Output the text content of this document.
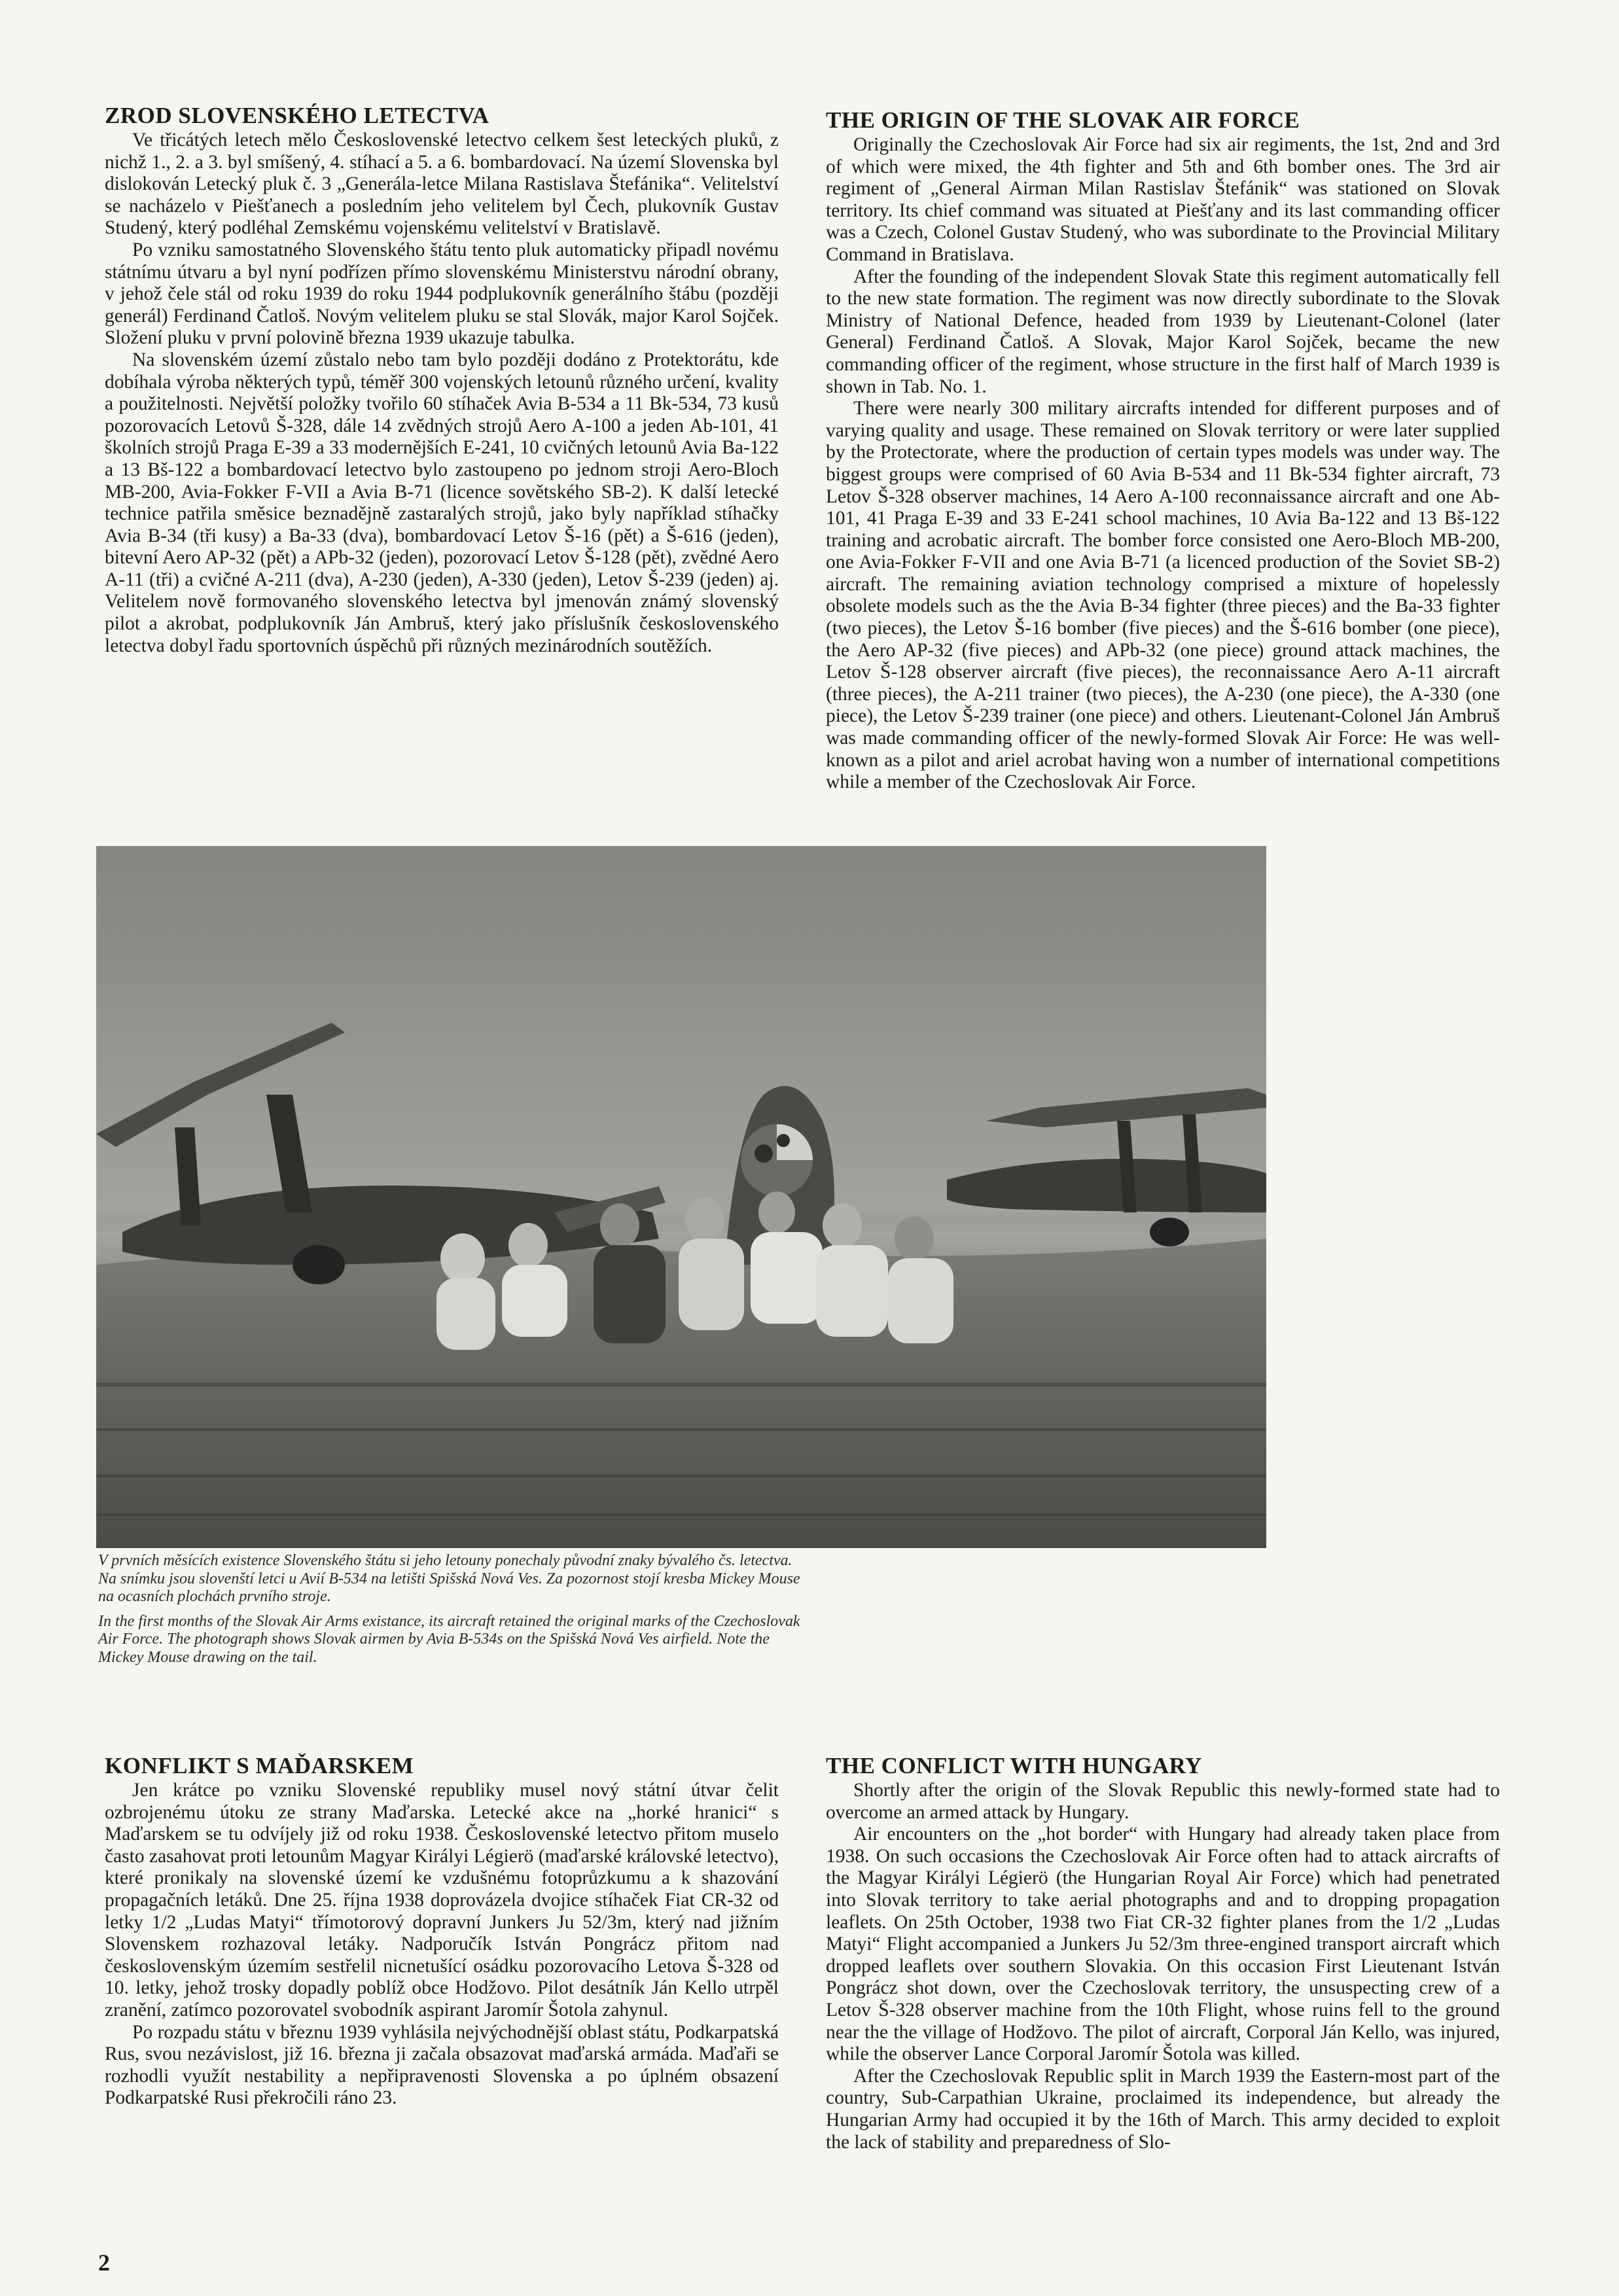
ZROD SLOVENSKÉHO LETECTVA

Ve třicátých letech mělo Československé letectvo celkem šest leteckých pluků, z nichž 1., 2. a 3. byl smíšený, 4. stíhací a 5. a 6. bombardovací. Na území Slovenska byl dislokován Letecký pluk č. 3 „Generála-letce Milana Rastislava Štefánika“. Velitelství se nacházelo v Piešťanech a posledním jeho velitelem byl Čech, plukovník Gustav Studený, který podléhal Zemskému vojenskému velitelství v Bratislavě.

Po vzniku samostatného Slovenského štátu tento pluk automaticky připadl novému státnímu útvaru a byl nyní podřízen přímo slovenskému Ministerstvu národní obrany, v jehož čele stál od roku 1939 do roku 1944 podplukovník generálního štábu (později generál) Ferdinand Čatloš. Novým velitelem pluku se stal Slovák, major Karol Sojček. Složení pluku v první polovině března 1939 ukazuje tabulka.

Na slovenském území zůstalo nebo tam bylo později dodáno z Protektorátu, kde dobíhala výroba některých typů, téměř 300 vojenských letounů různého určení, kvality a použitelnosti. Největší položky tvořilo 60 stíhaček Avia B-534 a 11 Bk-534, 73 kusů pozorovacích Letovů Š-328, dále 14 zvědných strojů Aero A-100 a jeden Ab-101, 41 školních strojů Praga E-39 a 33 modernějších E-241, 10 cvičných letounů Avia Ba-122 a 13 Bš-122 a bombardovací letectvo bylo zastoupeno po jednom stroji Aero-Bloch MB-200, Avia-Fokker F-VII a Avia B-71 (licence sovětského SB-2). K další letecké technice patřila směsice beznadějně zastaralých strojů, jako byly například stíhačky Avia B-34 (tři kusy) a Ba-33 (dva), bombardovací Letov Š-16 (pět) a Š-616 (jeden), bitevní Aero AP-32 (pět) a APb-32 (jeden), pozorovací Letov Š-128 (pět), zvědné Aero A-11 (tři) a cvičné A-211 (dva), A-230 (jeden), A-330 (jeden), Letov Š-239 (jeden) aj. Velitelem nově formovaného slovenského letectva byl jmenován známý slovenský pilot a akrobat, podplukovník Ján Ambruš, který jako příslušník československého letectva dobyl řadu sportovních úspěchů při různých mezinárodních soutěžích.

THE ORIGIN OF THE SLOVAK AIR FORCE

Originally the Czechoslovak Air Force had six air regiments, the 1st, 2nd and 3rd of which were mixed, the 4th fighter and 5th and 6th bomber ones. The 3rd air regiment of „General Airman Milan Rastislav Štefánik“ was stationed on Slovak territory. Its chief command was situated at Piešťany and its last commanding officer was a Czech, Colonel Gustav Studený, who was subordinate to the Provincial Military Command in Bratislava.

After the founding of the independent Slovak State this regiment automatically fell to the new state formation. The regiment was now directly subordinate to the Slovak Ministry of National Defence, headed from 1939 by Lieutenant-Colonel (later General) Ferdinand Čatloš. A Slovak, Major Karol Sojček, became the new commanding officer of the regiment, whose structure in the first half of March 1939 is shown in Tab. No. 1.

There were nearly 300 military aircrafts intended for different purposes and of varying quality and usage. These remained on Slovak territory or were later supplied by the Protectorate, where the production of certain types models was under way. The biggest groups were comprised of 60 Avia B-534 and 11 Bk-534 fighter aircraft, 73 Letov Š-328 observer machines, 14 Aero A-100 reconnaissance aircraft and one Ab-101, 41 Praga E-39 and 33 E-241 school machines, 10 Avia Ba-122 and 13 Bš-122 training and acrobatic aircraft. The bomber force consisted one Aero-Bloch MB-200, one Avia-Fokker F-VII and one Avia B-71 (a licenced production of the Soviet SB-2) aircraft. The remaining aviation technology comprised a mixture of hopelessly obsolete models such as the the Avia B-34 fighter (three pieces) and the Ba-33 fighter (two pieces), the Letov Š-16 bomber (five pieces) and the Š-616 bomber (one piece), the Aero AP-32 (five pieces) and APb-32 (one piece) ground attack machines, the Letov Š-128 observer aircraft (five pieces), the reconnaissance Aero A-11 aircraft (three pieces), the A-211 trainer (two pieces), the A-230 (one piece), the A-330 (one piece), the Letov Š-239 trainer (one piece) and others. Lieutenant-Colonel Ján Ambruš was made commanding officer of the newly-formed Slovak Air Force: He was well-known as a pilot and ariel acrobat having won a number of international competitions while a member of the Czechoslovak Air Force.

V prvních měsících existence Slovenského štátu si jeho letouny ponechaly původní znaky bývalého čs. letectva. Na snímku jsou slovenští letci u Avií B-534 na letišti Spišská Nová Ves. Za pozornost stojí kresba Mickey Mouse na ocasních plochách prvního stroje.

In the first months of the Slovak Air Arms existance, its aircraft retained the original marks of the Czechoslovak Air Force. The photograph shows Slovak airmen by Avia B-534s on the Spišská Nová Ves airfield. Note the Mickey Mouse drawing on the tail.

KONFLIKT S MAĎARSKEM

Jen krátce po vzniku Slovenské republiky musel nový státní útvar čelit ozbrojenému útoku ze strany Maďarska. Letecké akce na „horké hranici“ s Maďarskem se tu odvíjely již od roku 1938. Československé letectvo přitom muselo často zasahovat proti letounům Magyar Királyi Légierö (maďarské královské letectvo), které pronikaly na slovenské území ke vzdušnému fotoprůzkumu a k shazování propagačních letáků. Dne 25. října 1938 doprovázela dvojice stíhaček Fiat CR-32 od letky 1/2 „Ludas Matyi“ třímotorový dopravní Junkers Ju 52/3m, který nad jižním Slovenskem rozhazoval letáky. Nadporučík István Pongrácz přitom nad československým územím sestřelil nicnetušící osádku pozorovacího Letova Š-328 od 10. letky, jehož trosky dopadly poblíž obce Hodžovo. Pilot desátník Ján Kello utrpěl zranění, zatímco pozorovatel svobodník aspirant Jaromír Šotola zahynul.

Po rozpadu státu v březnu 1939 vyhlásila nejvýchodnější oblast státu, Podkarpatská Rus, svou nezávislost, již 16. března ji začala obsazovat maďarská armáda. Maďaři se rozhodli využít nestability a nepřipravenosti Slovenska a po úplném obsazení Podkarpatské Rusi překročili ráno 23.

THE CONFLICT WITH HUNGARY

Shortly after the origin of the Slovak Republic this newly-formed state had to overcome an armed attack by Hungary.

Air encounters on the „hot border“ with Hungary had already taken place from 1938. On such occasions the Czechoslovak Air Force often had to attack aircrafts of the Magyar Királyi Légierö (the Hungarian Royal Air Force) which had penetrated into Slovak territory to take aerial photographs and and to dropping propagation leaflets. On 25th October, 1938 two Fiat CR-32 fighter planes from the 1/2 „Ludas Matyi“ Flight accompanied a Junkers Ju 52/3m three-engined transport aircraft which dropped leaflets over southern Slovakia. On this occasion First Lieutenant István Pongrácz shot down, over the Czechoslovak territory, the unsuspecting crew of a Letov Š-328 observer machine from the 10th Flight, whose ruins fell to the ground near the the village of Hodžovo. The pilot of aircraft, Corporal Ján Kello, was injured, while the observer Lance Corporal Jaromír Šotola was killed.

After the Czechoslovak Republic split in March 1939 the Eastern-most part of the country, Sub-Carpathian Ukraine, proclaimed its independence, but already the Hungarian Army had occupied it by the 16th of March. This army decided to exploit the lack of stability and preparedness of Slo-

2
